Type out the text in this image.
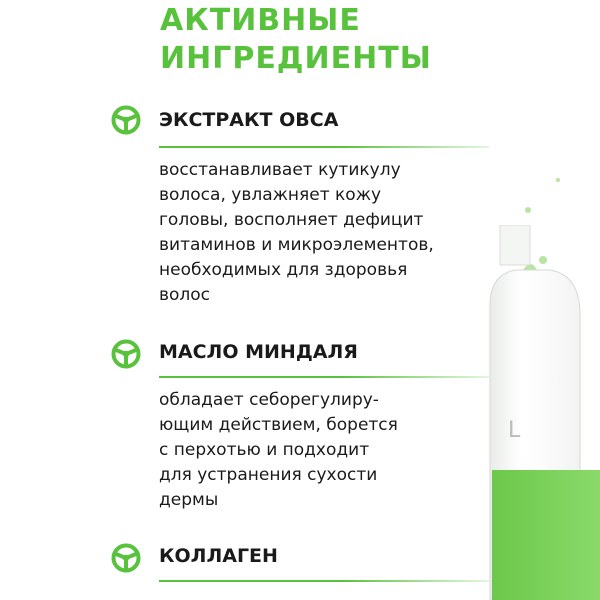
L
АКТИВНЫЕ
ИНГРЕДИЕНТЫ
ЭКСТРАКТ ОВСА

восстанавливает кутикулу
волоса, увлажняет кожу
головы, восполняет дефицит
витаминов и микроэлементов,
необходимых для здоровья
волос

МАСЛО МИНДАЛЯ

обладает себорегулиру-
ющим действием, борется
с перхотью и подходит
для устранения сухости
дермы

КОЛЛАГЕН
